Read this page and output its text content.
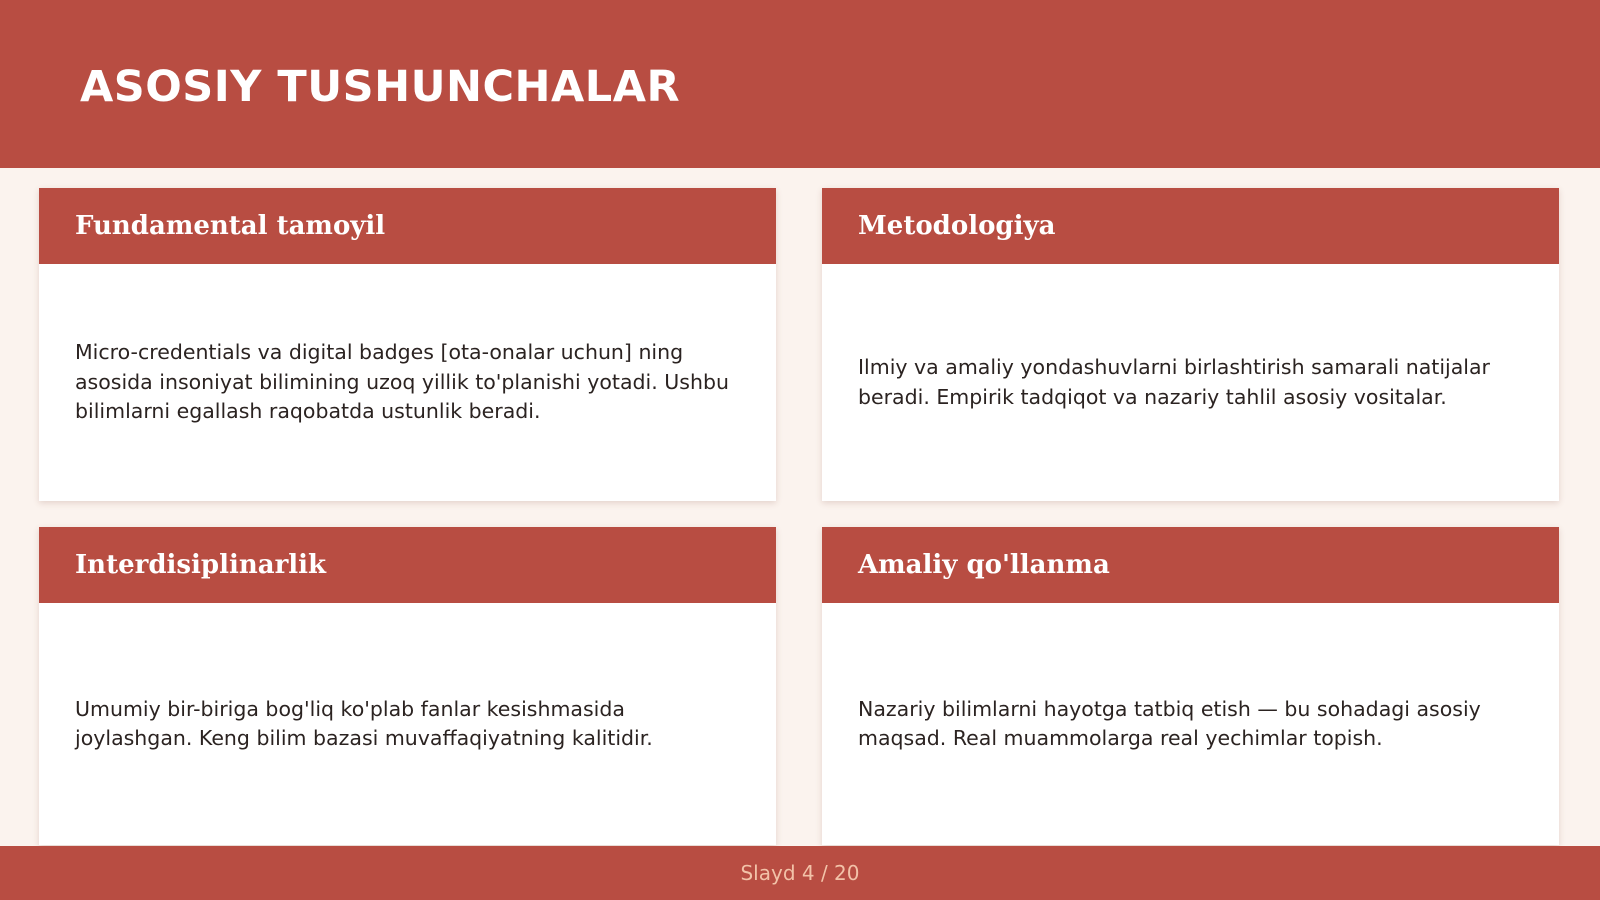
ASOSIY TUSHUNCHALAR
Fundamental tamoyil

Micro-credentials va digital badges [ota-onalar uchun] ning asosida insoniyat bilimining uzoq yillik to'planishi yotadi. Ushbu bilimlarni egallash raqobatda ustunlik beradi.

Metodologiya

Ilmiy va amaliy yondashuvlarni birlashtirish samarali natijalar beradi. Empirik tadqiqot va nazariy tahlil asosiy vositalar.

Interdisiplinarlik

Umumiy bir-biriga bog'liq ko'plab fanlar kesishmasida joylashgan. Keng bilim bazasi muvaffaqiyatning kalitidir.

Amaliy qo'llanma

Nazariy bilimlarni hayotga tatbiq etish — bu sohadagi asosiy maqsad. Real muammolarga real yechimlar topish.

Slayd 4 / 20
